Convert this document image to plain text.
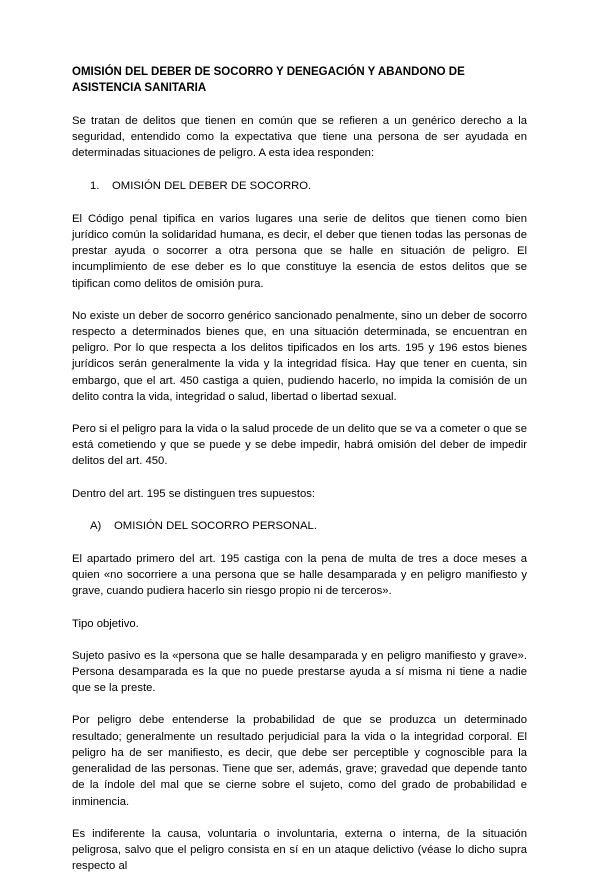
OMISIÓN DEL DEBER DE SOCORRO Y DENEGACIÓN Y ABANDONO DE ASISTENCIA SANITARIA

Se tratan de delitos que tienen en común que se refieren a un genérico derecho a la seguridad, entendido como la expectativa que tiene una persona de ser ayudada en determinadas situaciones de peligro. A esta idea responden:

1.	OMISIÓN DEL DEBER DE SOCORRO.

El Código penal tipifica en varios lugares una serie de delitos que tienen como bien jurídico común la solidaridad humana, es decir, el deber que tienen todas las personas de prestar ayuda o socorrer a otra persona que se halle en situación de peligro. El incumplimiento de ese deber es lo que constituye la esencia de estos delitos que se tipifican como delitos de omisión pura.

No existe un deber de socorro genérico sancionado penalmente, sino un deber de socorro respecto a determinados bienes que, en una situación determinada, se encuentran en peligro. Por lo que respecta a los delitos tipificados en los arts. 195 y 196 estos bienes jurídicos serán generalmente la vida y la integridad física. Hay que tener en cuenta, sin embargo, que el art. 450 castiga a quien, pudiendo hacerlo, no impida la comisión de un delito contra la vida, integridad o salud, libertad o libertad sexual.

Pero si el peligro para la vida o la salud procede de un delito que se va a cometer o que se está cometiendo y que se puede y se debe impedir, habrá omisión del deber de impedir delitos del art. 450.

Dentro del art. 195 se distinguen tres supuestos:

A)	OMISIÓN DEL SOCORRO PERSONAL.

El apartado primero del art. 195 castiga con la pena de multa de tres a doce meses a quien «no socorriere a una persona que se halle desamparada y en peligro manifiesto y grave, cuando pudiera hacerlo sin riesgo propio ni de terceros».

Tipo objetivo.

Sujeto pasivo es la «persona que se halle desamparada y en peligro manifiesto y grave». Persona desamparada es la que no puede prestarse ayuda a sí misma ni tiene a nadie que se la preste.

Por peligro debe entenderse la probabilidad de que se produzca un determinado resultado; generalmente un resultado perjudicial para la vida o la integridad corporal. El peligro ha de ser manifiesto, es decir, que debe ser perceptible y cognoscible para la generalidad de las personas. Tiene que ser, además, grave; gravedad que depende tanto de la índole del mal que se cierne sobre el sujeto, como del grado de probabilidad e inminencia.

Es indiferente la causa, voluntaria o involuntaria, externa o interna, de la situación peligrosa, salvo que el peligro consista en sí en un ataque delictivo (véase lo dicho supra respecto al
